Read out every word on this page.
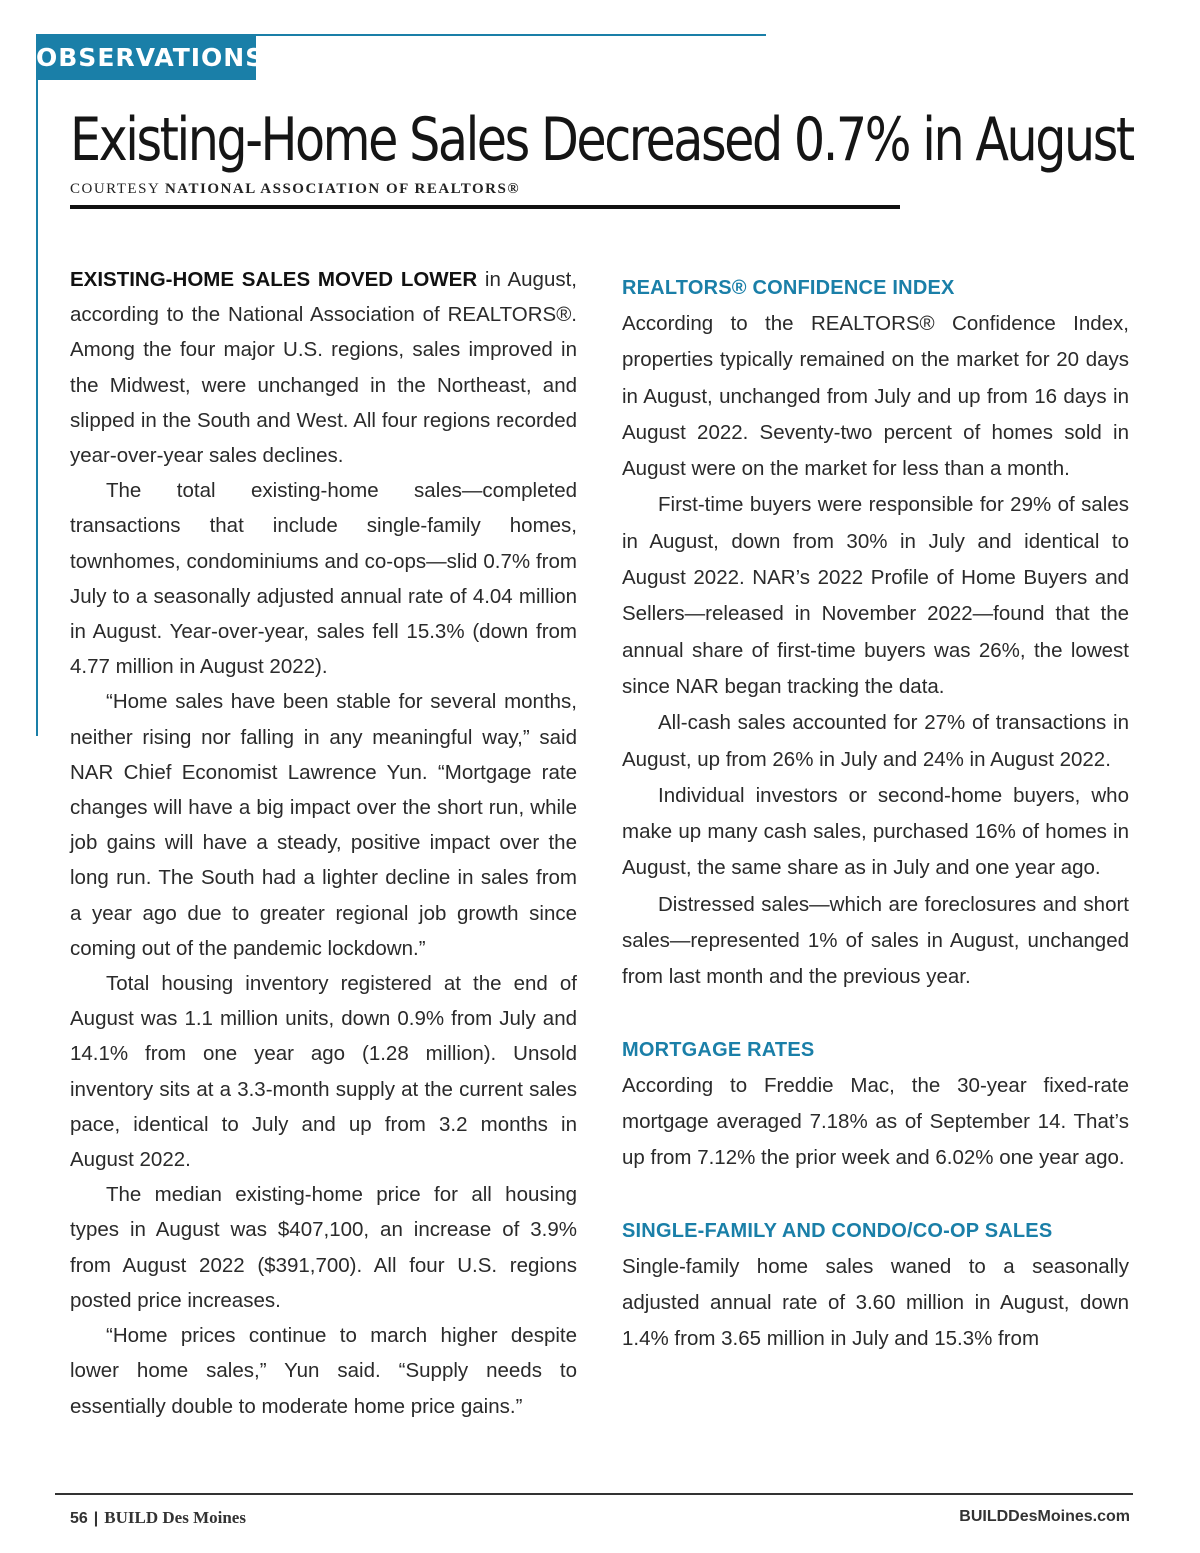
OBSERVATIONS
Existing-Home Sales Decreased 0.7% in August
COURTESY NATIONAL ASSOCIATION OF REALTORS®

EXISTING-HOME SALES MOVED LOWER in August, according to the National Association of REALTORS®. Among the four major U.S. regions, sales improved in the Midwest, were unchanged in the Northeast, and slipped in the South and West. All four regions recorded year-over-year sales declines.

The total existing-home sales—completed transactions that include single-family homes, townhomes, condominiums and co-ops—slid 0.7% from July to a seasonally adjusted annual rate of 4.04 million in August. Year-over-year, sales fell 15.3% (down from 4.77 million in August 2022).

“Home sales have been stable for several months, neither rising nor falling in any meaningful way,” said NAR Chief Economist Lawrence Yun. “Mortgage rate changes will have a big impact over the short run, while job gains will have a steady, positive impact over the long run. The South had a lighter decline in sales from a year ago due to greater regional job growth since coming out of the pandemic lockdown.”

Total housing inventory registered at the end of August was 1.1 million units, down 0.9% from July and 14.1% from one year ago (1.28 million). Unsold inventory sits at a 3.3-month supply at the current sales pace, identical to July and up from 3.2 months in August 2022.

The median existing-home price for all housing types in August was $407,100, an increase of 3.9% from August 2022 ($391,700). All four U.S. regions posted price increases.

“Home prices continue to march higher despite lower home sales,” Yun said. “Supply needs to essentially double to moderate home price gains.”

REALTORS® CONFIDENCE INDEX

According to the REALTORS® Confidence Index, properties typically remained on the market for 20 days in August, unchanged from July and up from 16 days in August 2022. Seventy-two percent of homes sold in August were on the market for less than a month.

First-time buyers were responsible for 29% of sales in August, down from 30% in July and identical to August 2022. NAR’s 2022 Profile of Home Buyers and Sellers—released in November 2022—found that the annual share of first-time buyers was 26%, the lowest since NAR began tracking the data.

All-cash sales accounted for 27% of transactions in August, up from 26% in July and 24% in August 2022.

Individual investors or second-home buyers, who make up many cash sales, purchased 16% of homes in August, the same share as in July and one year ago.

Distressed sales—which are foreclosures and short sales—represented 1% of sales in August, unchanged from last month and the previous year.

MORTGAGE RATES

According to Freddie Mac, the 30-year fixed-rate mortgage averaged 7.18% as of September 14. That’s up from 7.12% the prior week and 6.02% one year ago.

SINGLE-FAMILY AND CONDO/CO-OP SALES

Single-family home sales waned to a seasonally adjusted annual rate of 3.60 million in August, down 1.4% from 3.65 million in July and 15.3% from

56 | BUILD Des Moines	BUILDDesMoines.com
